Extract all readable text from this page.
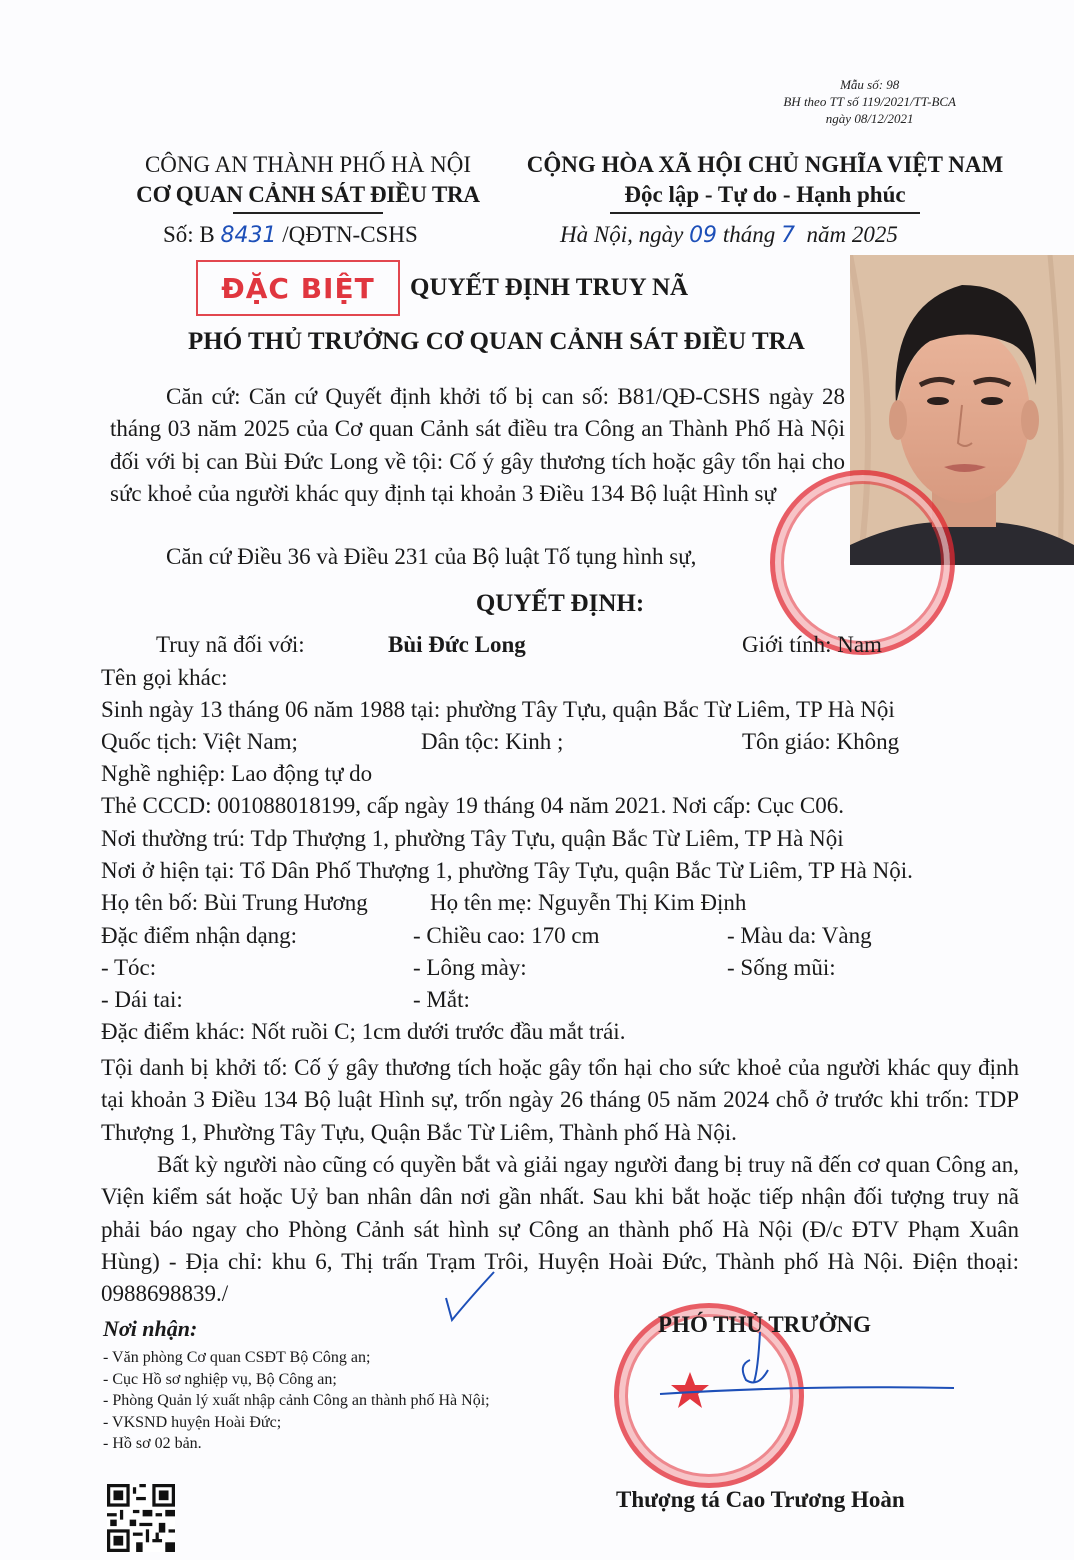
Mẫu số: 98
BH theo TT số 119/2021/TT-BCA
ngày 08/12/2021
CÔNG AN THÀNH PHỐ HÀ NỘI
CƠ QUAN CẢNH SÁT ĐIỀU TRA
Số: B 8431 /QĐTN-CSHS
CỘNG HÒA XÃ HỘI CHỦ NGHĨA VIỆT NAM
Độc lập - Tự do - Hạnh phúc
Hà Nội, ngày 09 tháng 7 năm 2025
ĐẶC BIỆT	QUYẾT ĐỊNH TRUY NÃ
PHÓ THỦ TRƯỞNG CƠ QUAN CẢNH SÁT ĐIỀU TRA
Căn cứ: Căn cứ Quyết định khởi tố bị can số: B81/QĐ-CSHS ngày 28 tháng 03 năm 2025 của Cơ quan Cảnh sát điều tra Công an Thành Phố Hà Nội đối với bị can Bùi Đức Long về tội: Cố ý gây thương tích hoặc gây tổn hại cho sức khoẻ của người khác quy định tại khoản 3 Điều 134 Bộ luật Hình sự
Căn cứ Điều 36 và Điều 231 của Bộ luật Tố tụng hình sự,
QUYẾT ĐỊNH:
Truy nã đối với:	Bùi Đức Long	Giới tính: Nam
Tên gọi khác:
Sinh ngày 13 tháng 06 năm 1988 tại: phường Tây Tựu, quận Bắc Từ Liêm, TP Hà Nội
Quốc tịch: Việt Nam;	Dân tộc: Kinh ;	Tôn giáo: Không
Nghề nghiệp: Lao động tự do
Thẻ CCCD: 001088018199, cấp ngày 19 tháng 04 năm 2021. Nơi cấp: Cục C06.
Nơi thường trú: Tdp Thượng 1, phường Tây Tựu, quận Bắc Từ Liêm, TP Hà Nội
Nơi ở hiện tại: Tổ Dân Phố Thượng 1, phường Tây Tựu, quận Bắc Từ Liêm, TP Hà Nội.
Họ tên bố: Bùi Trung Hương	Họ tên mẹ: Nguyễn Thị Kim Định
Đặc điểm nhận dạng:	- Chiều cao: 170 cm	- Màu da: Vàng
- Tóc:	- Lông mày:	- Sống mũi:
- Dái tai:	- Mắt:
Đặc điểm khác: Nốt ruồi C; 1cm dưới trước đầu mắt trái.
Tội danh bị khởi tố: Cố ý gây thương tích hoặc gây tổn hại cho sức khoẻ của người khác quy định tại khoản 3 Điều 134 Bộ luật Hình sự, trốn ngày 26 tháng 05 năm 2024 chỗ ở trước khi trốn: TDP Thượng 1, Phường Tây Tựu, Quận Bắc Từ Liêm, Thành phố Hà Nội.
Bất kỳ người nào cũng có quyền bắt và giải ngay người đang bị truy nã đến cơ quan Công an, Viện kiểm sát hoặc Uỷ ban nhân dân nơi gần nhất. Sau khi bắt hoặc tiếp nhận đối tượng truy nã phải báo ngay cho Phòng Cảnh sát hình sự Công an thành phố Hà Nội (Đ/c ĐTV Phạm Xuân Hùng) - Địa chỉ: khu 6, Thị trấn Trạm Trôi, Huyện Hoài Đức, Thành phố Hà Nội. Điện thoại: 0988698839./
Nơi nhận:
- Văn phòng Cơ quan CSĐT Bộ Công an;
- Cục Hồ sơ nghiệp vụ, Bộ Công an;
- Phòng Quản lý xuất nhập cảnh Công an thành phố Hà Nội;
- VKSND huyện Hoài Đức;
- Hồ sơ 02 bản.
PHÓ THỦ TRƯỞNG
Thượng tá Cao Trương Hoàn
